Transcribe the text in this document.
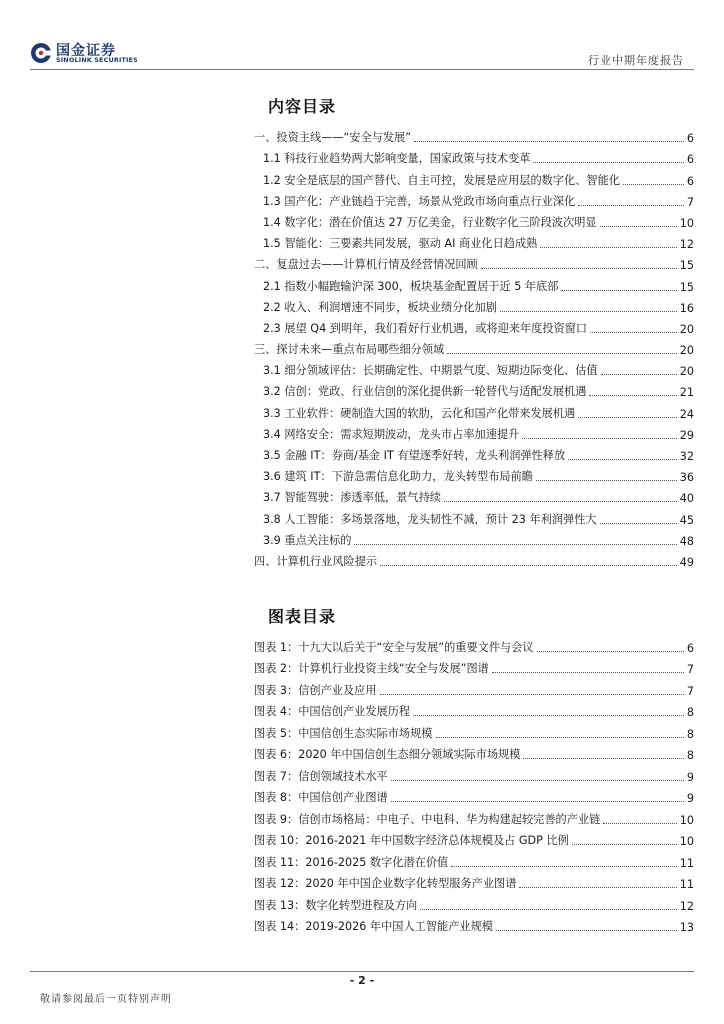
国金证券
SINOLINK SECURITIES	行业中期年度报告
内容目录
一、投资主线——“安全与发展”	6
1.1 科技行业趋势两大影响变量，国家政策与技术变革	6
1.2 安全是底层的国产替代、自主可控，发展是应用层的数字化、智能化	6
1.3 国产化：产业链趋于完善，场景从党政市场向重点行业深化	7
1.4 数字化：潜在价值达 27 万亿美金，行业数字化三阶段波次明显	10
1.5 智能化：三要素共同发展，驱动 AI 商业化日趋成熟	12
二、复盘过去——计算机行情及经营情况回顾	15
2.1 指数小幅跑输沪深 300，板块基金配置居于近 5 年底部	15
2.2 收入、利润增速不同步，板块业绩分化加剧	16
2.3 展望 Q4 到明年，我们看好行业机遇，或将迎来年度投资窗口	20
三、探讨未来—重点布局哪些细分领域	20
3.1 细分领域评估：长期确定性、中期景气度、短期边际变化、估值	20
3.2 信创：党政、行业信创的深化提供新一轮替代与适配发展机遇	21
3.3 工业软件：硬制造大国的软肋，云化和国产化带来发展机遇	24
3.4 网络安全：需求短期波动，龙头市占率加速提升	29
3.5 金融 IT：券商/基金 IT 有望逐季好转，龙头利润弹性释放	32
3.6 建筑 IT：下游急需信息化助力，龙头转型布局前瞻	36
3.7 智能驾驶：渗透率低，景气持续	40
3.8 人工智能：多场景落地，龙头韧性不减，预计 23 年利润弹性大	45
3.9 重点关注标的	48
四、计算机行业风险提示	49
图表目录
图表 1：十九大以后关于“安全与发展”的重要文件与会议	6
图表 2：计算机行业投资主线“安全与发展”图谱	7
图表 3：信创产业及应用	7
图表 4：中国信创产业发展历程	8
图表 5：中国信创生态实际市场规模	8
图表 6：2020 年中国信创生态细分领域实际市场规模	8
图表 7：信创领域技术水平	9
图表 8：中国信创产业图谱	9
图表 9：信创市场格局：中电子、中电科、华为构建起较完善的产业链	10
图表 10：2016-2021 年中国数字经济总体规模及占 GDP 比例	10
图表 11：2016-2025 数字化潜在价值	11
图表 12：2020 年中国企业数字化转型服务产业图谱	11
图表 13：数字化转型进程及方向	12
图表 14：2019-2026 年中国人工智能产业规模	13
- 2 -
敬请参阅最后一页特别声明
